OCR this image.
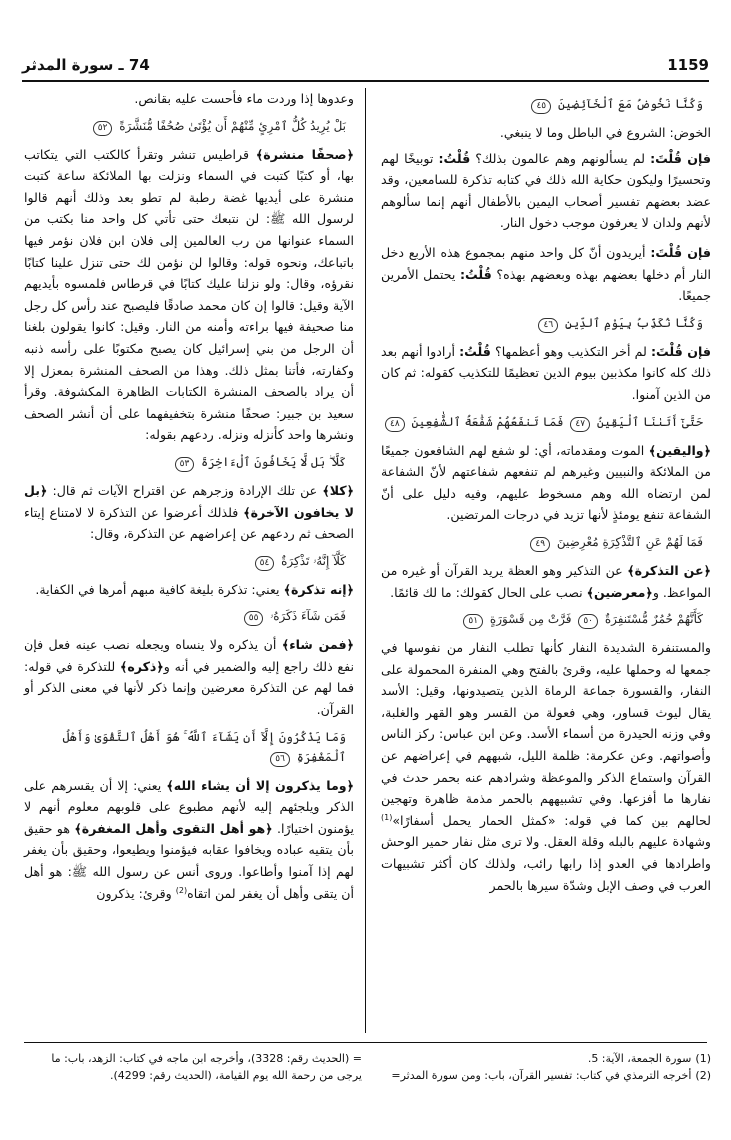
74 ـ سورة المدثر	1159
وَكُنَّا نَخُوضُ مَعَ ٱلْخَآئِضِينَ ٤٥

الخوض: الشروع في الباطل وما لا ينبغي.

فإن قُلْتَ: لم يسألونهم وهم عالمون بذلك؟ قُلْتُ: توبيخًا لهم وتحسيرًا وليكون حكاية الله ذلك في كتابه تذكرة للسامعين، وقد عضد بعضهم تفسير أصحاب اليمين بالأطفال أنهم إنما سألوهم لأنهم ولدان لا يعرفون موجب دخول النار.

فإن قُلْتَ: أيريدون أنّ كل واحد منهم بمجموع هذه الأربع دخل النار أم دخلها بعضهم بهذه وبعضهم بهذه؟ قُلْتُ: يحتمل الأمرين جميعًا.

وَكُنَّا نُكَذِّبُ بِيَوْمِ ٱلدِّينِ ٤٦

فإن قُلْتَ: لم أخر التكذيب وهو أعظمها؟ قُلْتُ: أرادوا أنهم بعد ذلك كله كانوا مكذبين بيوم الدين تعظيمًا للتكذيب كقوله: ثم كان من الذين آمنوا.

حَتَّىٰٓ أَتَىٰنَا ٱلْيَقِينُ ٤٧ فَمَا تَنفَعُهُمْ شَفَٰعَةُ ٱلشَّٰفِعِينَ ٤٨

﴿واليقين﴾ الموت ومقدماته، أي: لو شفع لهم الشافعون جميعًا من الملائكة والنبيين وغيرهم لم تنفعهم شفاعتهم لأنّ الشفاعة لمن ارتضاه الله وهم مسخوط عليهم، وفيه دليل على أنّ الشفاعة تنفع يومئذٍ لأنها تزيد في درجات المرتضين.

فَمَا لَهُمْ عَنِ ٱلتَّذْكِرَةِ مُعْرِضِينَ ٤٩

﴿عن التذكرة﴾ عن التذكير وهو العظة يريد القرآن أو غيره من المواعظ. و﴿معرضين﴾ نصب على الحال كقولك: ما لك قائمًا.

كَأَنَّهُمْ حُمُرٌ مُّسْتَنفِرَةٌ ٥٠ فَرَّتْ مِن قَسْوَرَةٍ ٥١

والمستنفرة الشديدة النفار كأنها تطلب النفار من نفوسها في جمعها له وحملها عليه، وقرئ بالفتح وهي المنفرة المحمولة على النفار، والقسورة جماعة الرماة الذين يتصيدونها، وقيل: الأسد يقال ليوث قساور، وهي فعولة من القسر وهو القهر والغلبة، وفي وزنه الحيدرة من أسماء الأسد. وعن ابن عباس: ركز الناس وأصواتهم. وعن عكرمة: ظلمة الليل، شبههم في إعراضهم عن القرآن واستماع الذكر والموعظة وشرادهم عنه بحمر حدث في نفارها ما أفزعها. وفي تشبيههم بالحمر مذمة ظاهرة وتهجين لحالهم بين كما في قوله: «كمثل الحمار يحمل أسفارًا»$^{(1)}$ وشهادة عليهم بالبله وقلة العقل. ولا ترى مثل نفار حمير الوحش واطرادها في العدو إذا رابها رائب، ولذلك كان أكثر تشبيهات العرب في وصف الإبل وشدّة سيرها بالحمر

وعدوها إذا وردت ماء فأحست عليه بقانص.

بَلْ يُرِيدُ كُلُّ ٱمْرِئٍ مِّنْهُمْ أَن يُؤْتَىٰ صُحُفًا مُّنَشَّرَةً ٥٢

﴿صحفًا منشرة﴾ قراطيس تنشر وتقرأ كالكتب التي يتكاتب بها، أو كتبًا كتبت في السماء ونزلت بها الملائكة ساعة كتبت منشرة على أيديها غضة رطبة لم تطو بعد وذلك أنهم قالوا لرسول الله ﷺ: لن نتبعك حتى تأتي كل واحد منا بكتب من السماء عنوانها من رب العالمين إلى فلان ابن فلان نؤمر فيها باتباعك، ونحوه قوله: وقالوا لن نؤمن لك حتى تنزل علينا كتابًا نقرؤه، وقال: ولو نزلنا عليك كتابًا في قرطاس فلمسوه بأيديهم الآية وقيل: قالوا إن كان محمد صادقًا فليصبح عند رأس كل رجل منا صحيفة فيها براءته وأمنه من النار. وقيل: كانوا يقولون بلغنا أن الرجل من بني إسرائيل كان يصبح مكتوبًا على رأسه ذنبه وكفارته، فأتنا بمثل ذلك. وهذا من الصحف المنشرة بمعزل إلا أن يراد بالصحف المنشرة الكتابات الظاهرة المكشوفة. وقرأ سعيد بن جبير: صحفًا منشرة بتخفيفهما على أن أنشر الصحف ونشرها واحد كأنزله ونزله. ردعهم بقوله:

كَلَّا ۖ بَل لَّا يَخَافُونَ ٱلْءَاخِرَةَ ٥٣

﴿كلا﴾ عن تلك الإرادة وزجرهم عن اقتراح الآيات ثم قال: ﴿بل لا يخافون الآخرة﴾ فلذلك أعرضوا عن التذكرة لا لامتناع إيتاء الصحف ثم ردعهم عن إعراضهم عن التذكرة، وقال:

كَلَّآ إِنَّهُۥ تَذْكِرَةٌ ٥٤

﴿إنه تذكرة﴾ يعني: تذكرة بليغة كافية مبهم أمرها في الكفاية.

فَمَن شَآءَ ذَكَرَهُۥ ٥٥

﴿فمن شاء﴾ أن يذكره ولا ينساه ويجعله نصب عينه فعل فإن نفع ذلك راجع إليه والضمير في أنه و﴿ذكره﴾ للتذكرة في قوله: فما لهم عن التذكرة معرضين وإنما ذكر لأنها في معنى الذكر أو القرآن.

وَمَا يَذْكُرُونَ إِلَّآ أَن يَشَآءَ ٱللَّهُ ۚ هُوَ أَهْلُ ٱلتَّقْوَىٰ وَأَهْلُ ٱلْمَغْفِرَةِ ٥٦

﴿وما يذكرون إلا أن يشاء الله﴾ يعني: إلا أن يقسرهم على الذكر ويلجئهم إليه لأنهم مطبوع على قلوبهم معلوم أنهم لا يؤمنون اختيارًا. ﴿هو أهل التقوى وأهل المغفرة﴾ هو حقيق بأن يتقيه عباده ويخافوا عقابه فيؤمنوا ويطيعوا، وحقيق بأن يغفر لهم إذا آمنوا وأطاعوا. وروى أنس عن رسول الله ﷺ: هو أهل أن يتقى وأهل أن يغفر لمن اتقاه$^{(2)}$ وقرئ: يذكرون

(1)سورة الجمعة، الآية: 5.
(2)أخرجه الترمذي في كتاب: تفسير القرآن، باب: ومن سورة المدثر=
= (الحديث رقم: 3328)، وأخرجه ابن ماجه في كتاب: الزهد، باب: ما
يرجى من رحمة الله يوم القيامة، (الحديث رقم: 4299).
